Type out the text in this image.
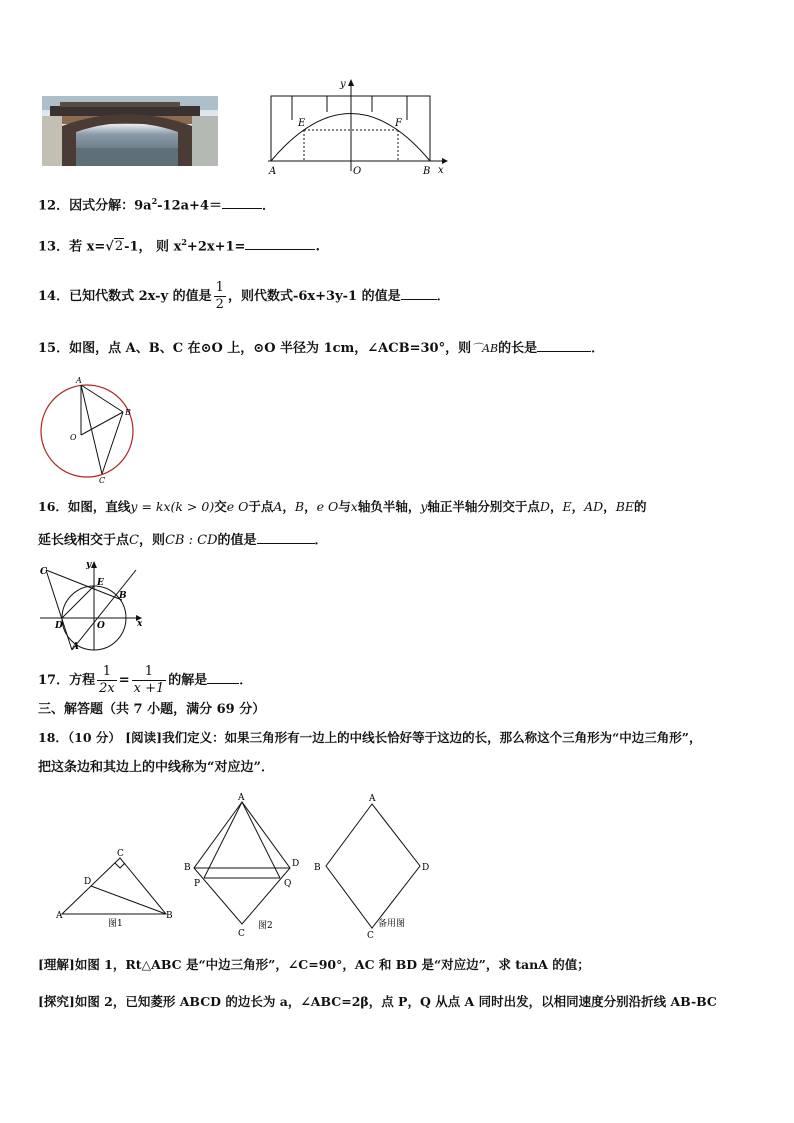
y
E	F
A	O	B x
12．因式分解：$9a^2-12a+4=$	．
13．若 x=√2-1， 则 $x^2+2x+1=$	.
14．已知代数式 2x-y 的值是 $\frac{1}{2}$ ，则代数式-6x+3y-1 的值是	．
15．如图，点 A、B、C 在⊙O 上，⊙O 半径为 1cm，∠ACB=30°，则⌒AB的长是	．
A
B
O
C
16．如图，直线y = kx(k > 0)交e O于点A，B，e O与x轴负半轴，y轴正半轴分别交于点D，E，AD，BE的
延长线相交于点C，则CB : CD的值是	．
C
y
E
B
D	O	x
A
17．方程 $\frac{1}{2x} = \frac{1}{x +1}$ 的解是 ．
三、解答题（共 7 小题，满分 69 分）
18．（10 分） [阅读]我们定义：如果三角形有一边上的中线长恰好等于这边的长，那么称这个三角形为“中边三角形”，
把这条边和其边上的中线称为“对应边”．
C
D
A	B
图1
A
B	D
P	Q
C
图2
A
B	D
C
备用图
[理解]如图 1，Rt△ABC 是“中边三角形”，∠C=90°，AC 和 BD 是“对应边”，求 tanA 的值；
[探究]如图 2，已知菱形 ABCD 的边长为 a，∠ABC=2β，点 P，Q 从点 A 同时出发，以相同速度分别沿折线 AB-BC
